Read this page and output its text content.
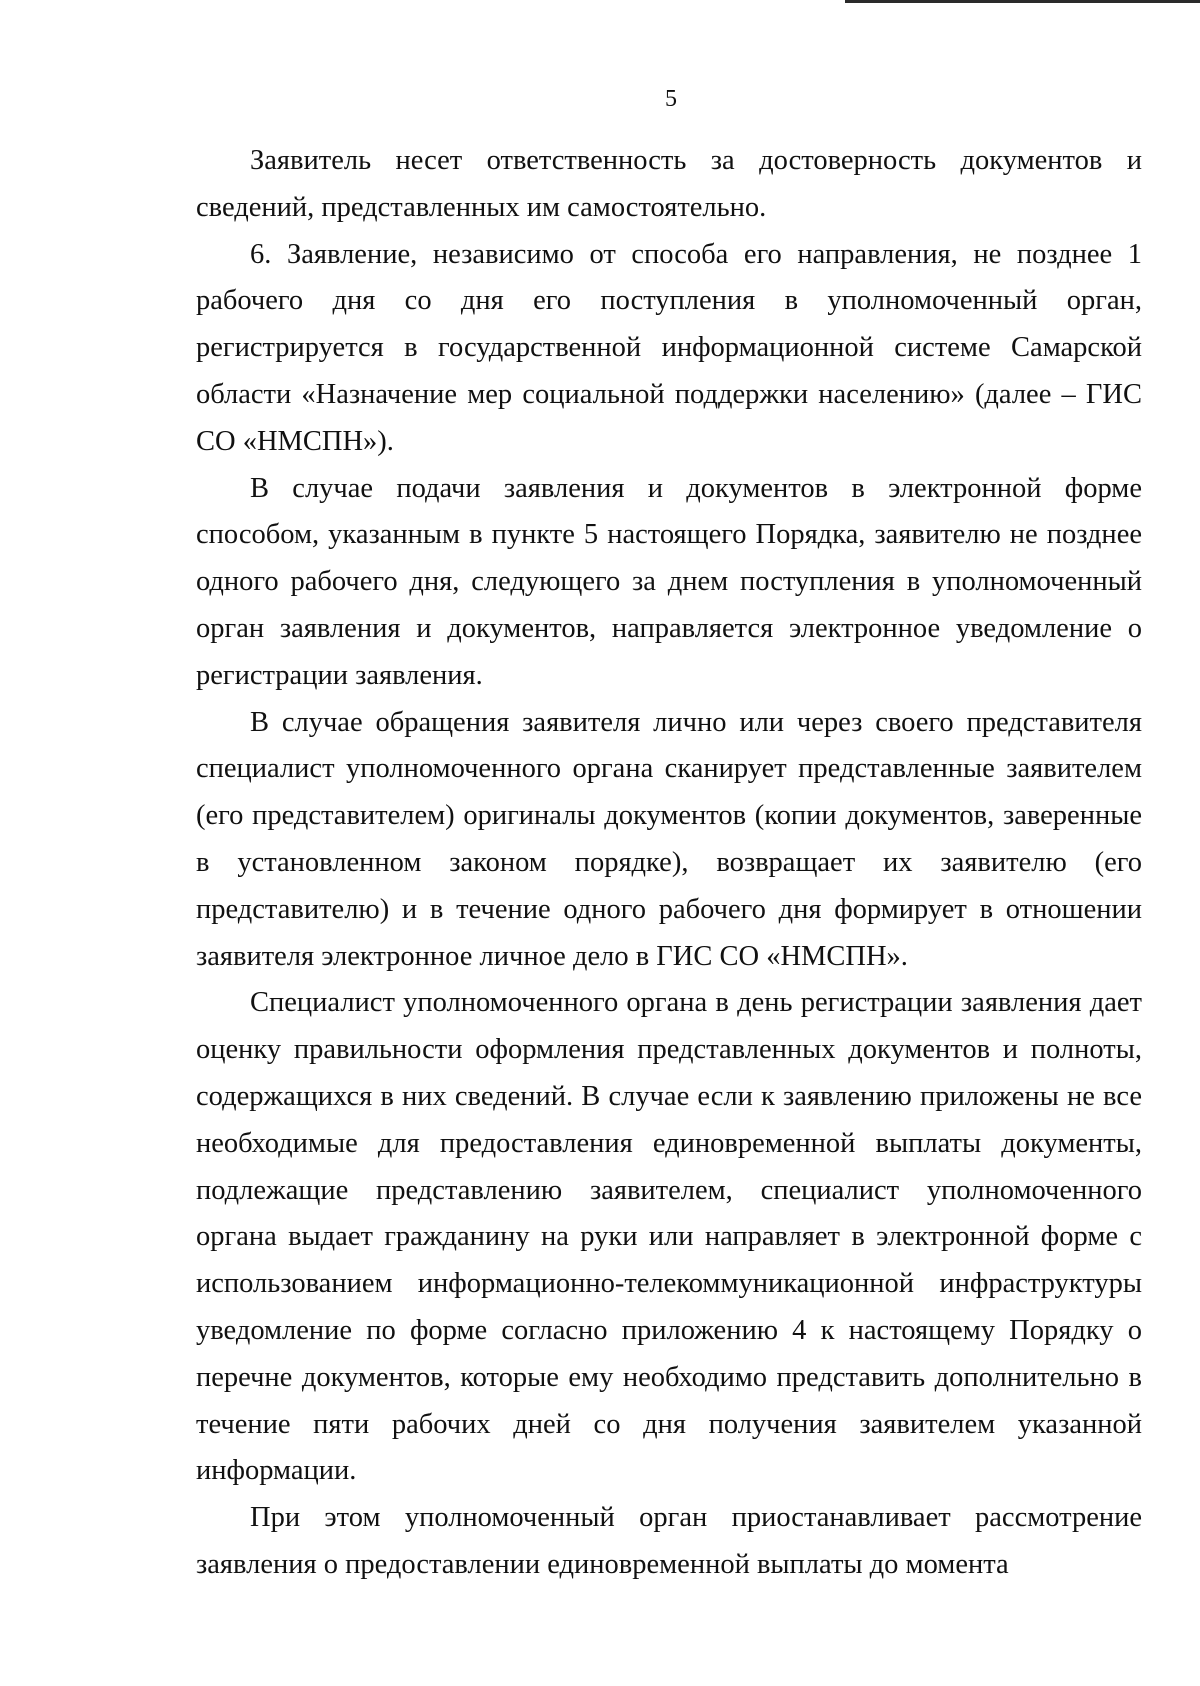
5

Заявитель несет ответственность за достоверность документов и сведений, представленных им самостоятельно.

6. Заявление, независимо от способа его направления, не позднее 1 рабочего дня со дня его поступления в уполномоченный орган, регистрируется в государственной информационной системе Самарской области «Назначение мер социальной поддержки населению» (далее – ГИС СО «НМСПН»).

В случае подачи заявления и документов в электронной форме способом, указанным в пункте 5 настоящего Порядка, заявителю не позднее одного рабочего дня, следующего за днем поступления в уполномоченный орган заявления и документов, направляется электронное уведомление о регистрации заявления.

В случае обращения заявителя лично или через своего представителя специалист уполномоченного органа сканирует представленные заявителем (его представителем) оригиналы документов (копии документов, заверенные в установленном законом порядке), возвращает их заявителю (его представителю) и в течение одного рабочего дня формирует в отношении заявителя электронное личное дело в ГИС СО «НМСПН».

Специалист уполномоченного органа в день регистрации заявления дает оценку правильности оформления представленных документов и полноты, содержащихся в них сведений. В случае если к заявлению приложены не все необходимые для предоставления единовременной выплаты документы, подлежащие представлению заявителем, специалист уполномоченного органа выдает гражданину на руки или направляет в электронной форме с использованием информационно-телекоммуникационной инфраструктуры уведомление по форме согласно приложению 4 к настоящему Порядку о перечне документов, которые ему необходимо представить дополнительно в течение пяти рабочих дней со дня получения заявителем указанной информации.

При этом уполномоченный орган приостанавливает рассмотрение заявления о предоставлении единовременной выплаты до момента
